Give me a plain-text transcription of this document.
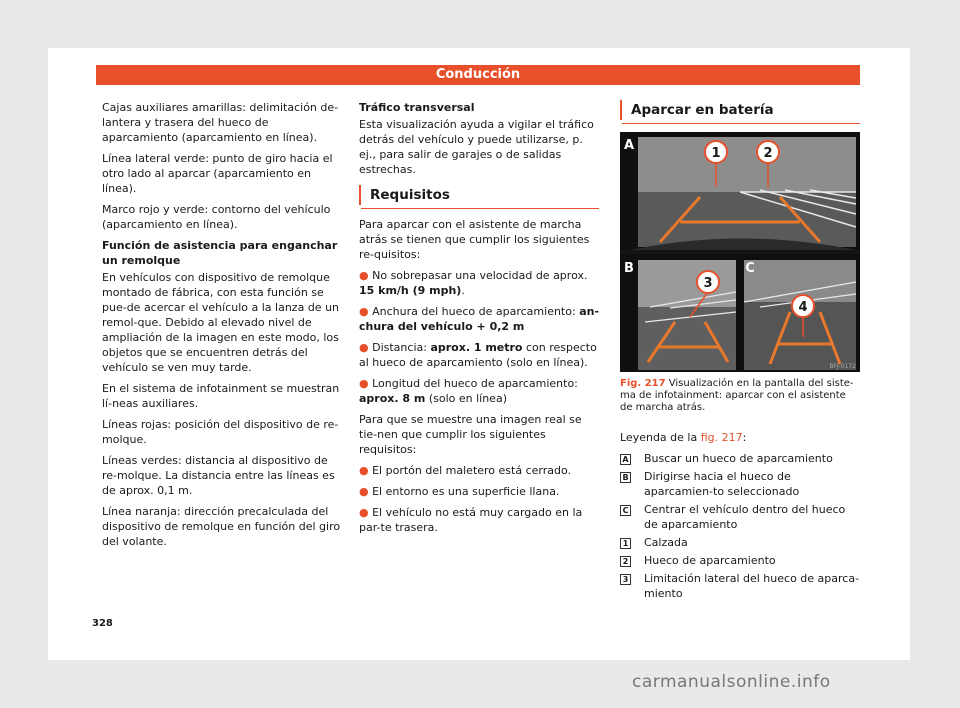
Conducción

Cajas auxiliares amarillas: delimitación de-lantera y trasera del hueco de aparcamiento (aparcamiento en línea).

Línea lateral verde: punto de giro hacia el otro lado al aparcar (aparcamiento en línea).

Marco rojo y verde: contorno del vehículo (aparcamiento en línea).

Función de asistencia para enganchar un remolque

En vehículos con dispositivo de remolque montado de fábrica, con esta función se pue-de acercar el vehículo a la lanza de un remol-que. Debido al elevado nivel de ampliación de la imagen en este modo, los objetos que se encuentren detrás del vehículo se ven muy tarde.

En el sistema de infotainment se muestran lí-neas auxiliares.

Líneas rojas: posición del dispositivo de re-molque.

Líneas verdes: distancia al dispositivo de re-molque. La distancia entre las líneas es de aprox. 0,1 m.

Línea naranja: dirección precalculada del dispositivo de remolque en función del giro del volante.

Tráfico transversal

Esta visualización ayuda a vigilar el tráfico detrás del vehículo y puede utilizarse, p. ej., para salir de garajes o de salidas estrechas.

Requisitos

Para aparcar con el asistente de marcha atrás se tienen que cumplir los siguientes re-quisitos:

● No sobrepasar una velocidad de aprox. 15 km/h (9 mph).

● Anchura del hueco de aparcamiento: an-chura del vehículo + 0,2 m

● Distancia: aprox. 1 metro con respecto al hueco de aparcamiento (solo en línea).

● Longitud del hueco de aparcamiento: aprox. 8 m (solo en línea)

Para que se muestre una imagen real se tie-nen que cumplir los siguientes requisitos:

● El portón del maletero está cerrado.

● El entorno es una superficie llana.

● El vehículo no está muy cargado en la par-te trasera.

Aparcar en batería
1	2
3
4
A
B	C
BFJ-0172
Fig. 217 Visualización en la pantalla del siste-ma de infotainment: aparcar con el asistente de marcha atrás.

Leyenda de la fig. 217:

A	Buscar un hueco de aparcamiento
B	Dirigirse hacia el hueco de aparcamien-to seleccionado
C	Centrar el vehículo dentro del hueco de aparcamiento
1	Calzada
2	Hueco de aparcamiento
3	Limitación lateral del hueco de aparca-miento
328
carmanualsonline.info
